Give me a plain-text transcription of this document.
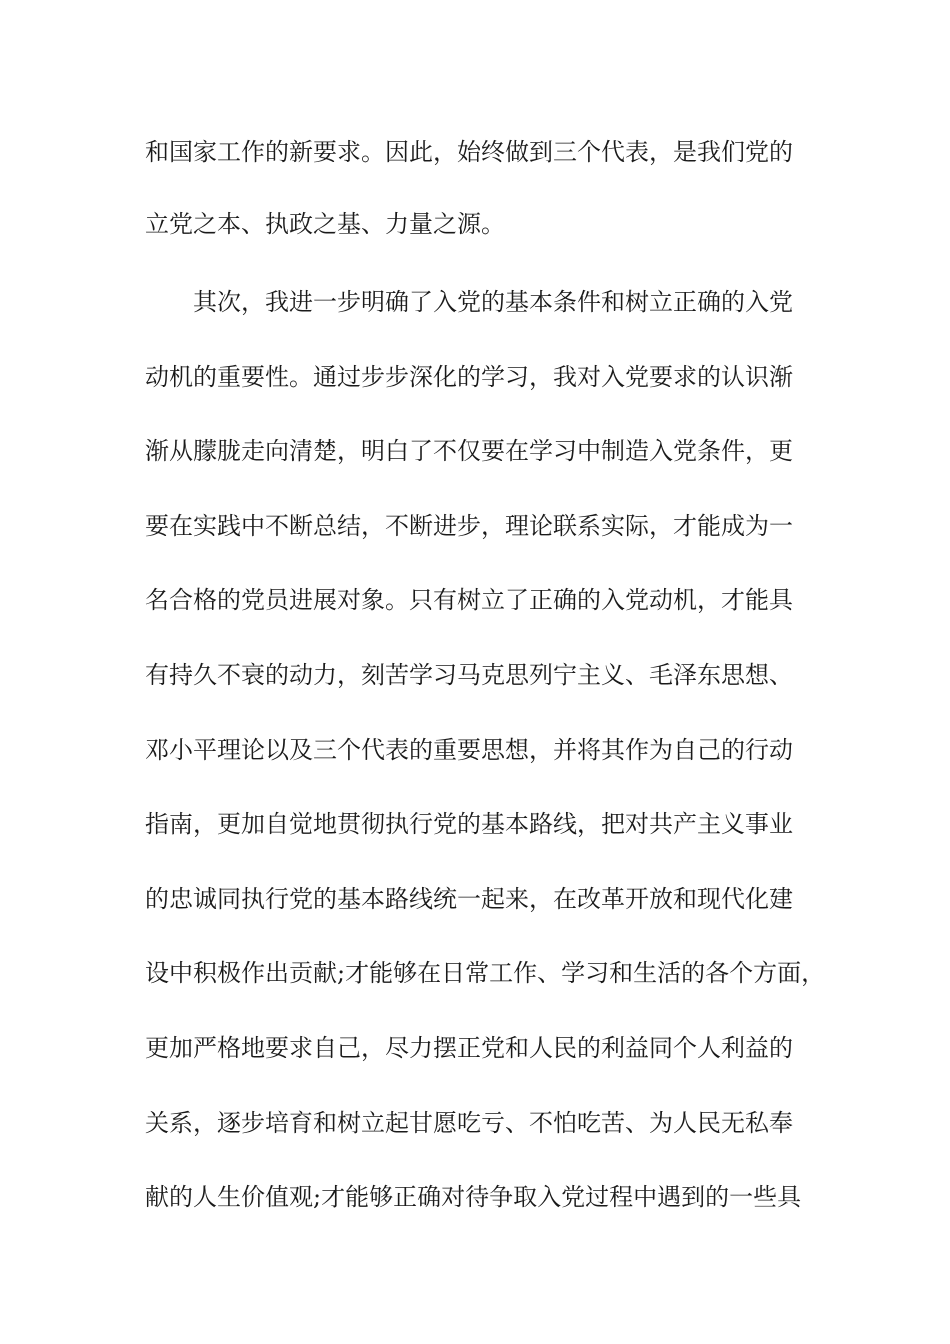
和国家工作的新要求。因此，始终做到三个代表，是我们党的
立党之本、执政之基、力量之源。
其次，我进一步明确了入党的基本条件和树立正确的入党
动机的重要性。通过步步深化的学习，我对入党要求的认识渐
渐从朦胧走向清楚，明白了不仅要在学习中制造入党条件，更
要在实践中不断总结，不断进步，理论联系实际，才能成为一
名合格的党员进展对象。只有树立了正确的入党动机，才能具
有持久不衰的动力，刻苦学习马克思列宁主义、毛泽东思想、
邓小平理论以及三个代表的重要思想，并将其作为自己的行动
指南，更加自觉地贯彻执行党的基本路线，把对共产主义事业
的忠诚同执行党的基本路线统一起来，在改革开放和现代化建
设中积极作出贡献;才能够在日常工作、学习和生活的各个方面，
更加严格地要求自己，尽力摆正党和人民的利益同个人利益的
关系，逐步培育和树立起甘愿吃亏、不怕吃苦、为人民无私奉
献的人生价值观;才能够正确对待争取入党过程中遇到的一些具
